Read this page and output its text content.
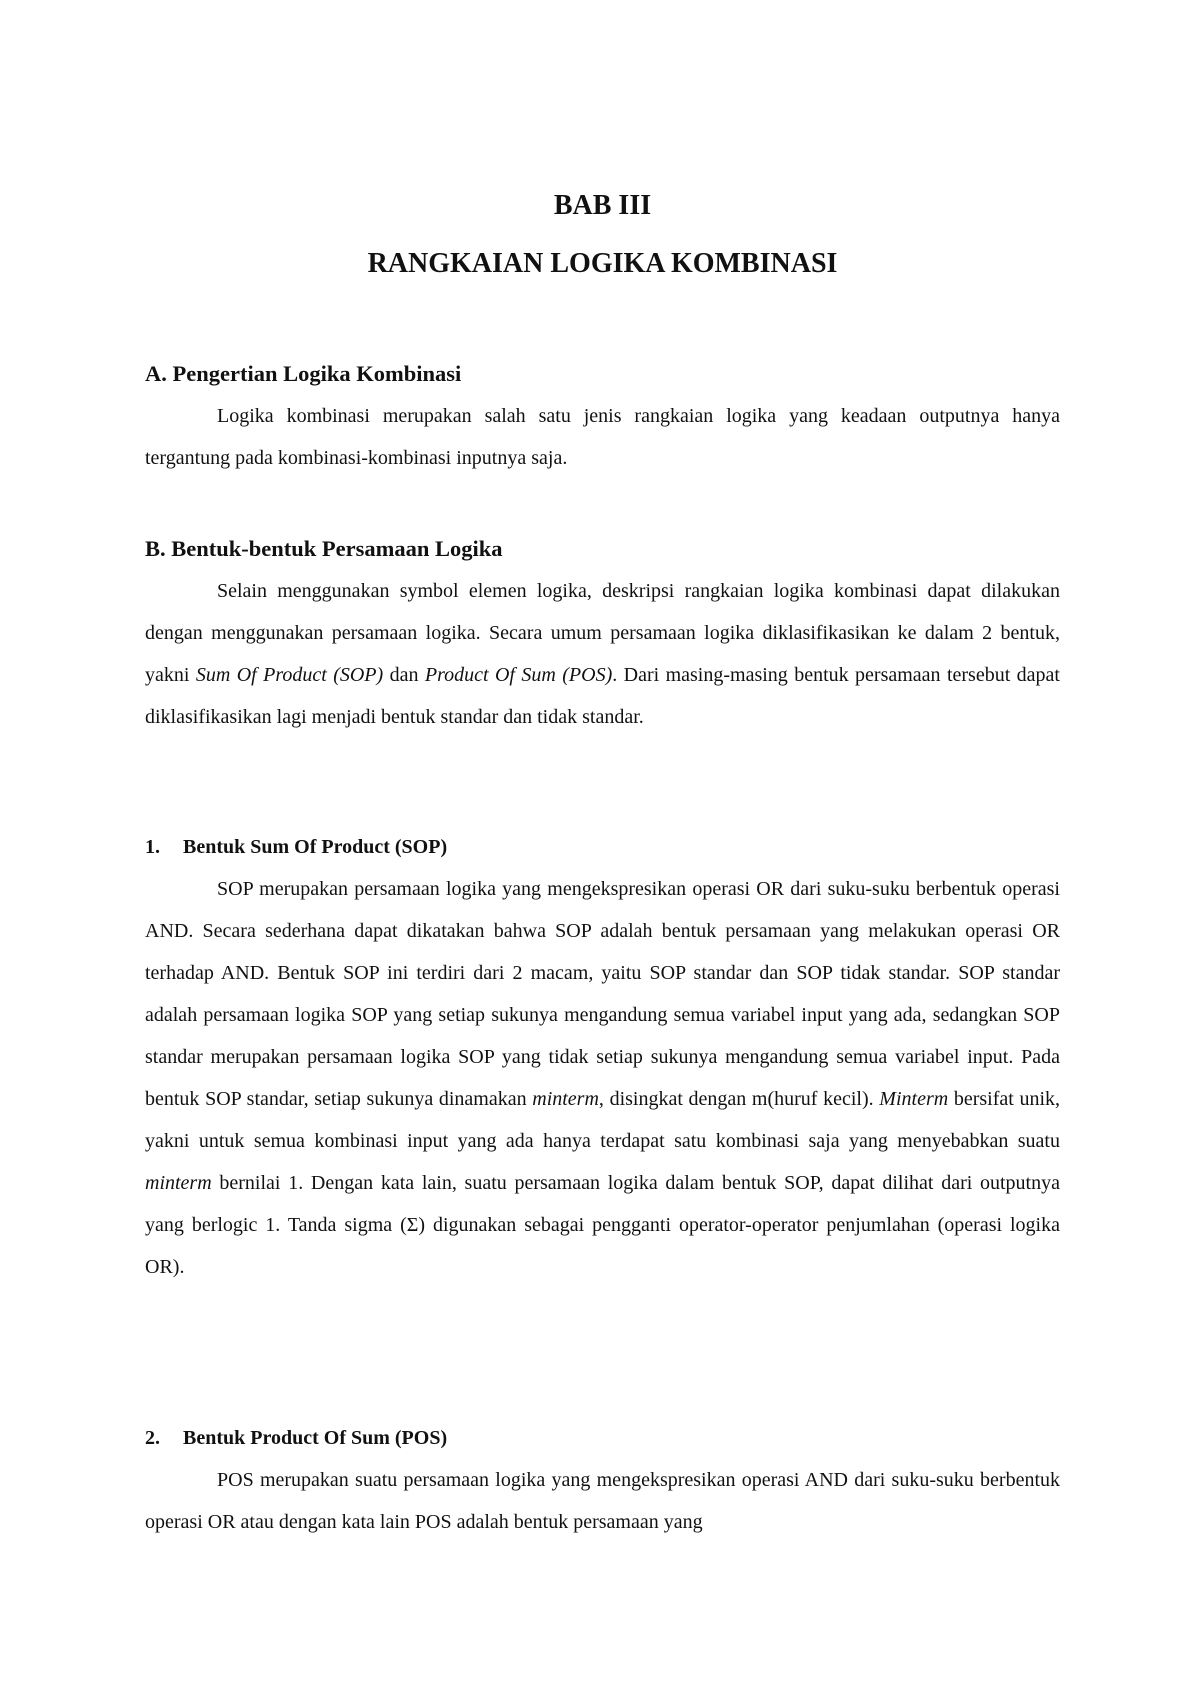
BAB III
RANGKAIAN LOGIKA KOMBINASI
A. Pengertian Logika Kombinasi

Logika kombinasi merupakan salah satu jenis rangkaian logika yang keadaan outputnya hanya tergantung pada kombinasi-kombinasi inputnya saja.

B. Bentuk-bentuk Persamaan Logika

Selain menggunakan symbol elemen logika, deskripsi rangkaian logika kombinasi dapat dilakukan dengan menggunakan persamaan logika. Secara umum persamaan logika diklasifikasikan ke dalam 2 bentuk, yakni Sum Of Product (SOP) dan Product Of Sum (POS). Dari masing-masing bentuk persamaan tersebut dapat diklasifikasikan lagi menjadi bentuk standar dan tidak standar.

1. Bentuk Sum Of Product (SOP)

SOP merupakan persamaan logika yang mengekspresikan operasi OR dari suku-suku berbentuk operasi AND. Secara sederhana dapat dikatakan bahwa SOP adalah bentuk persamaan yang melakukan operasi OR terhadap AND. Bentuk SOP ini terdiri dari 2 macam, yaitu SOP standar dan SOP tidak standar. SOP standar adalah persamaan logika SOP yang setiap sukunya mengandung semua variabel input yang ada, sedangkan SOP standar merupakan persamaan logika SOP yang tidak setiap sukunya mengandung semua variabel input. Pada bentuk SOP standar, setiap sukunya dinamakan minterm, disingkat dengan m(huruf kecil). Minterm bersifat unik, yakni untuk semua kombinasi input yang ada hanya terdapat satu kombinasi saja yang menyebabkan suatu minterm bernilai 1. Dengan kata lain, suatu persamaan logika dalam bentuk SOP, dapat dilihat dari outputnya yang berlogic 1. Tanda sigma (Σ) digunakan sebagai pengganti operator-operator penjumlahan (operasi logika OR).

2. Bentuk Product Of Sum (POS)

POS merupakan suatu persamaan logika yang mengekspresikan operasi AND dari suku-suku berbentuk operasi OR atau dengan kata lain POS adalah bentuk persamaan yang
